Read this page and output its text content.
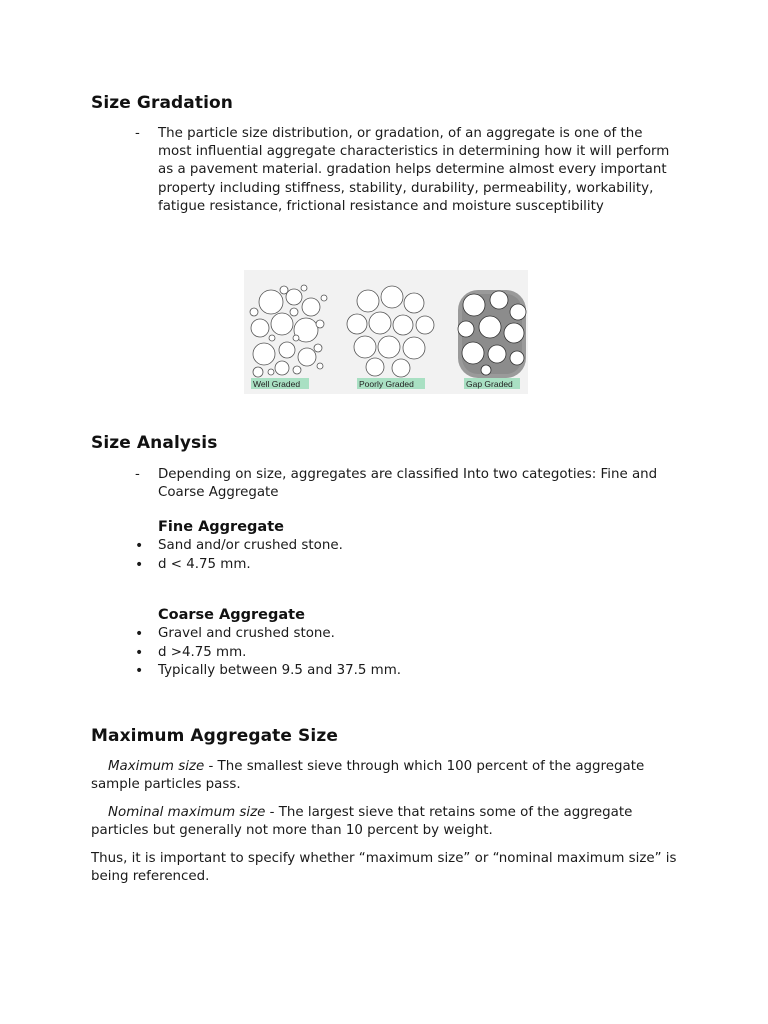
Size Gradation
- The particle size distribution, or gradation, of an aggregate is one of the most influential aggregate characteristics in determining how it will perform as a pavement material. gradation helps determine almost every important property including stiffness, stability, durability, permeability, workability, fatigue resistance, frictional resistance and moisture susceptibility
Well Graded	Poorly Graded	Gap Graded
Size Analysis
- Depending on size, aggregates are classified Into two categoties: Fine and Coarse Aggregate
Fine Aggregate
• Sand and/or crushed stone.
• d < 4.75 mm.
Coarse Aggregate
• Gravel and crushed stone.
• d >4.75 mm.
• Typically between 9.5 and 37.5 mm.
Maximum Aggregate Size

Maximum size - The smallest sieve through which 100 percent of the aggregate sample particles pass.

Nominal maximum size - The largest sieve that retains some of the aggregate particles but generally not more than 10 percent by weight.

Thus, it is important to specify whether “maximum size” or “nominal maximum size” is being referenced.
